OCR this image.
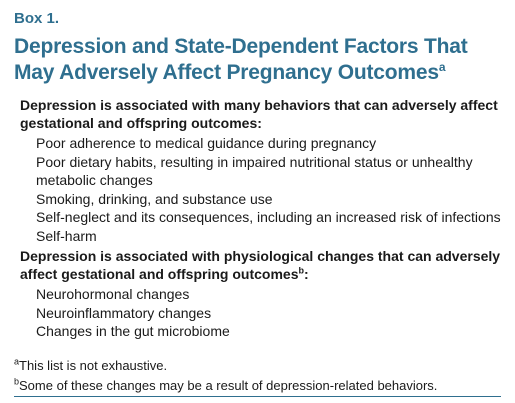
Box 1.
Depression and State-Dependent Factors That May Adversely Affect Pregnancy Outcomes$^a$

Depression is associated with many behaviors that can adversely affect gestational and offspring outcomes:

Poor adherence to medical guidance during pregnancy
Poor dietary habits, resulting in impaired nutritional status or unhealthy metabolic changes
Smoking, drinking, and substance use
Self-neglect and its consequences, including an increased risk of infections
Self-harm

Depression is associated with physiological changes that can adversely affect gestational and offspring outcomes$^b$:

Neurohormonal changes
Neuroinflammatory changes
Changes in the gut microbiome

$^a$This list is not exhaustive.

$^b$Some of these changes may be a result of depression-related behaviors.
